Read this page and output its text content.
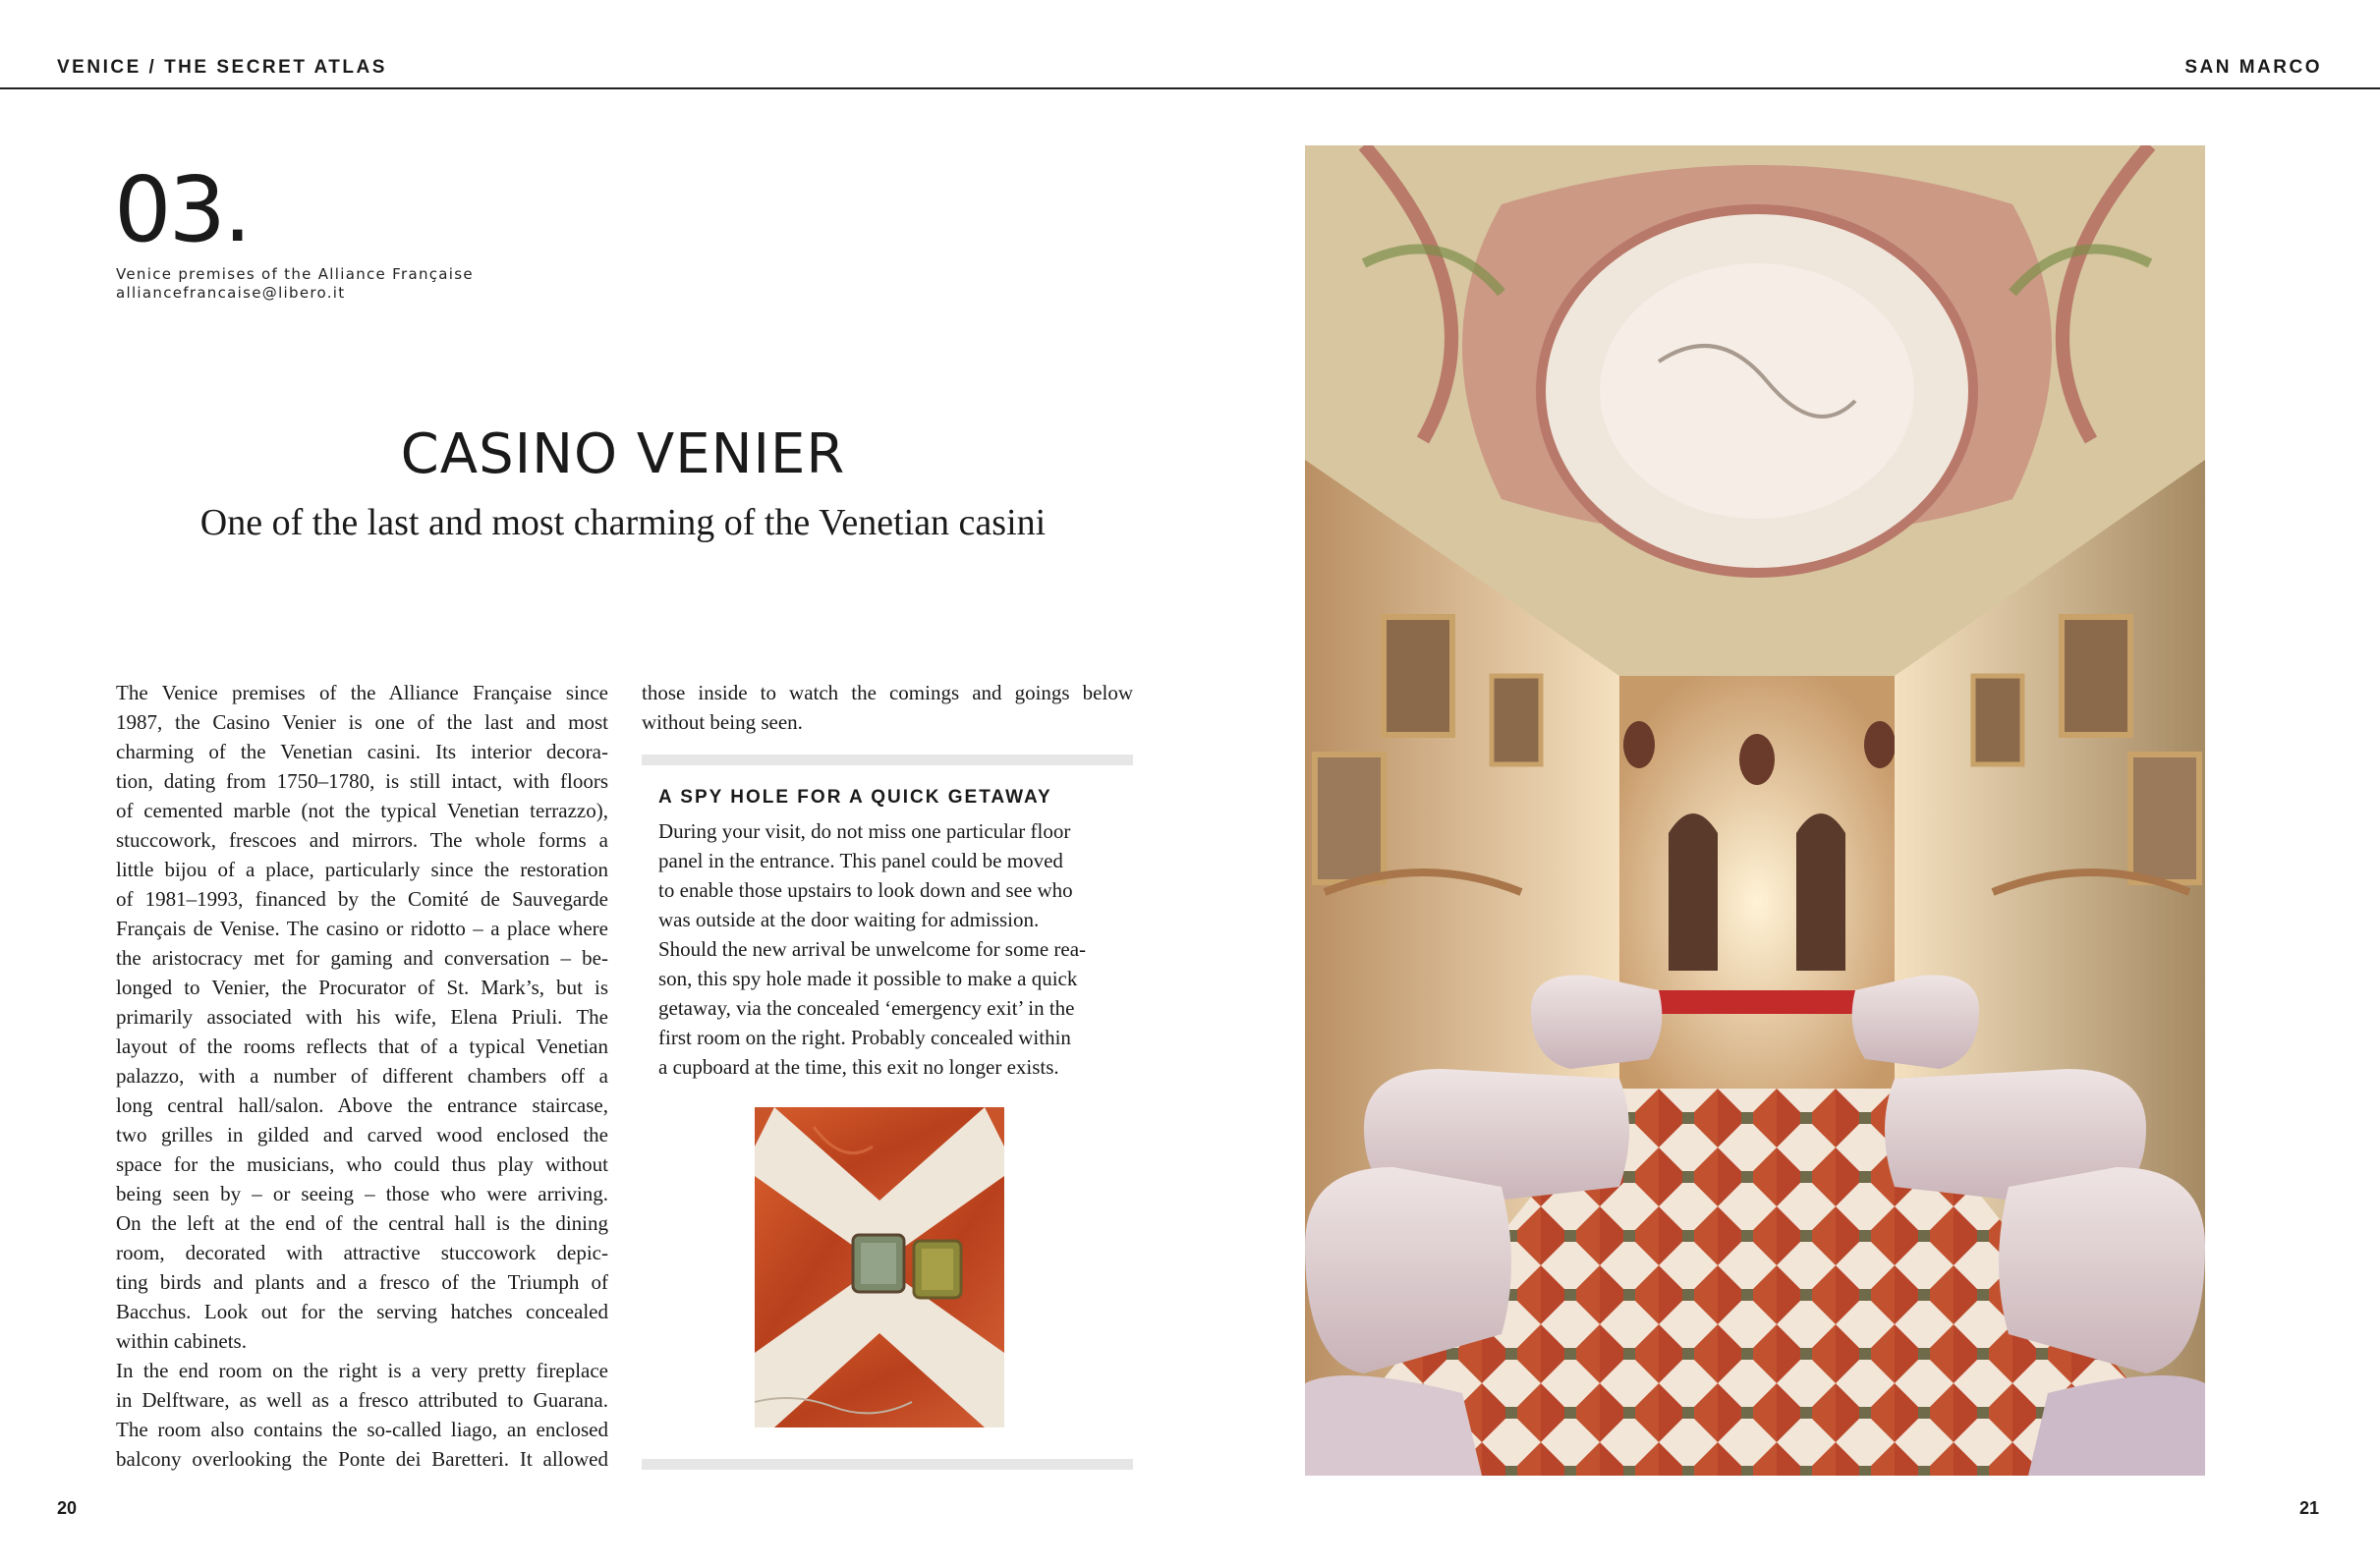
VENICE / THE SECRET ATLAS	SAN MARCO
03.
Venice premises of the Alliance Française
alliancefrancaise@libero.it
CASINO VENIER
One of the last and most charming of the Venetian casini
The Venice premises of the Alliance Française since
1987, the Casino Venier is one of the last and most
charming of the Venetian casini. Its interior decora-
tion, dating from 1750–1780, is still intact, with floors
of cemented marble (not the typical Venetian terrazzo),
stuccowork, frescoes and mirrors. The whole forms a
little bijou of a place, particularly since the restoration
of 1981–1993, financed by the Comité de Sauvegarde
Français de Venise. The casino or ridotto – a place where
the aristocracy met for gaming and conversation – be-
longed to Venier, the Procurator of St. Mark’s, but is
primarily associated with his wife, Elena Priuli. The
layout of the rooms reflects that of a typical Venetian
palazzo, with a number of different chambers off a
long central hall/salon. Above the entrance staircase,
two grilles in gilded and carved wood enclosed the
space for the musicians, who could thus play without
being seen by – or seeing – those who were arriving.
On the left at the end of the central hall is the dining
room, decorated with attractive stuccowork depic-
ting birds and plants and a fresco of the Triumph of
Bacchus. Look out for the serving hatches concealed
within cabinets.
In the end room on the right is a very pretty fireplace
in Delftware, as well as a fresco attributed to Guarana.
The room also contains the so-called liago, an enclosed
balcony overlooking the Ponte dei Baretteri. It allowed
those inside to watch the comings and goings below
without being seen.
A SPY HOLE FOR A QUICK GETAWAY
During your visit, do not miss one particular floor
panel in the entrance. This panel could be moved
to enable those upstairs to look down and see who
was outside at the door waiting for admission.
Should the new arrival be unwelcome for some rea-
son, this spy hole made it possible to make a quick
getaway, via the concealed ‘emergency exit’ in the
first room on the right. Probably concealed within
a cupboard at the time, this exit no longer exists.
20	21
